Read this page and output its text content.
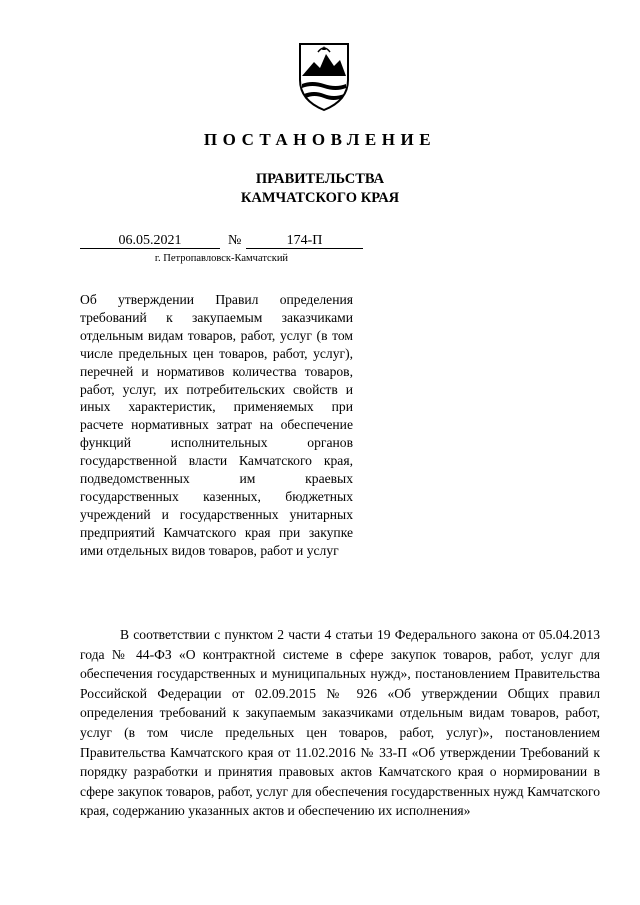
ПОСТАНОВЛЕНИЕ
ПРАВИТЕЛЬСТВА
КАМЧАТСКОГО КРАЯ
06.05.2021	№	174-П
г. Петропавловск-Камчатский
Об утверждении Правил определения требований к закупаемым заказчиками отдельным видам товаров, работ, услуг (в том числе предельных цен товаров, работ, услуг), перечней и нормативов количества товаров, работ, услуг, их потребительских свойств и иных характеристик, применяемых при расчете нормативных затрат на обеспечение функций исполнительных органов государственной власти Камчатского края, подведомственных им краевых государственных казенных, бюджетных учреждений и государственных унитарных предприятий Камчатского края при закупке ими отдельных видов товаров, работ и услуг
В соответствии с пунктом 2 части 4 статьи 19 Федерального закона от 05.04.2013 года № 44-ФЗ «О контрактной системе в сфере закупок товаров, работ, услуг для обеспечения государственных и муниципальных нужд», постановлением Правительства Российской Федерации от 02.09.2015 № 926 «Об утверждении Общих правил определения требований к закупаемым заказчиками отдельным видам товаров, работ, услуг (в том числе предельных цен товаров, работ, услуг)», постановлением Правительства Камчатского края от 11.02.2016 № 33-П «Об утверждении Требований к порядку разработки и принятия правовых актов Камчатского края о нормировании в сфере закупок товаров, работ, услуг для обеспечения государственных нужд Камчатского края, содержанию указанных актов и обеспечению их исполнения»
